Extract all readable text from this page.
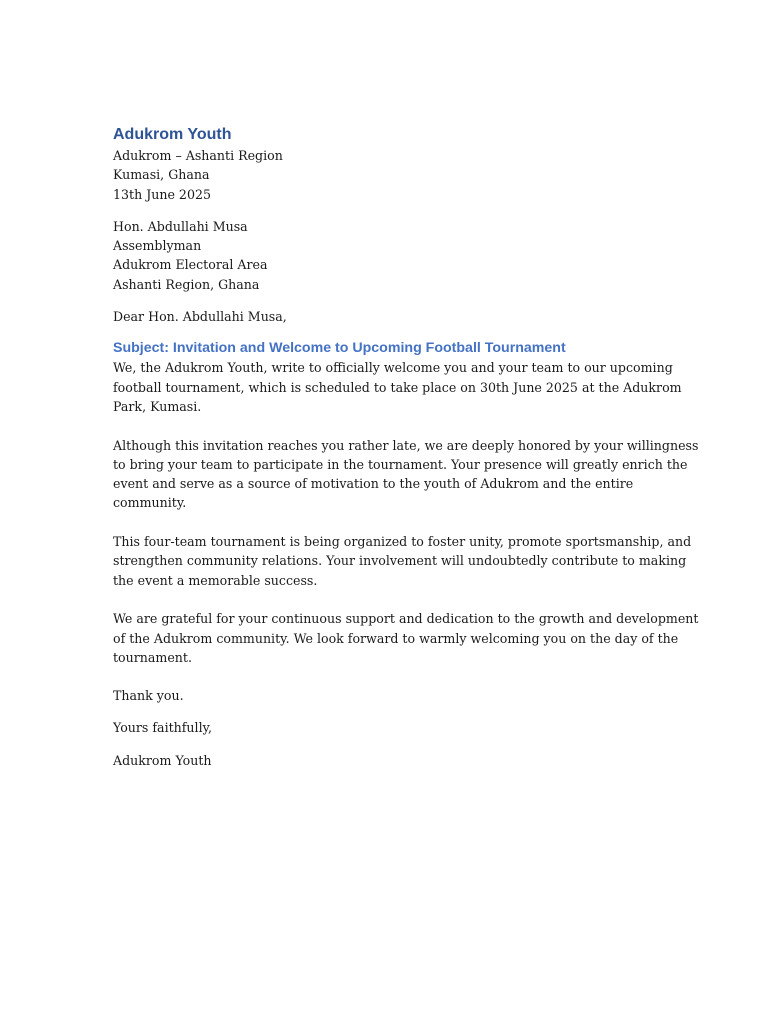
Adukrom Youth
Adukrom – Ashanti Region
Kumasi, Ghana
13th June 2025
Hon. Abdullahi Musa
Assemblyman
Adukrom Electoral Area
Ashanti Region, Ghana
Dear Hon. Abdullahi Musa,
Subject: Invitation and Welcome to Upcoming Football Tournament
We, the Adukrom Youth, write to officially welcome you and your team to our upcoming
football tournament, which is scheduled to take place on 30th June 2025 at the Adukrom
Park, Kumasi.
Although this invitation reaches you rather late, we are deeply honored by your willingness
to bring your team to participate in the tournament. Your presence will greatly enrich the
event and serve as a source of motivation to the youth of Adukrom and the entire
community.
This four-team tournament is being organized to foster unity, promote sportsmanship, and
strengthen community relations. Your involvement will undoubtedly contribute to making
the event a memorable success.
We are grateful for your continuous support and dedication to the growth and development
of the Adukrom community. We look forward to warmly welcoming you on the day of the
tournament.
Thank you.
Yours faithfully,
Adukrom Youth
